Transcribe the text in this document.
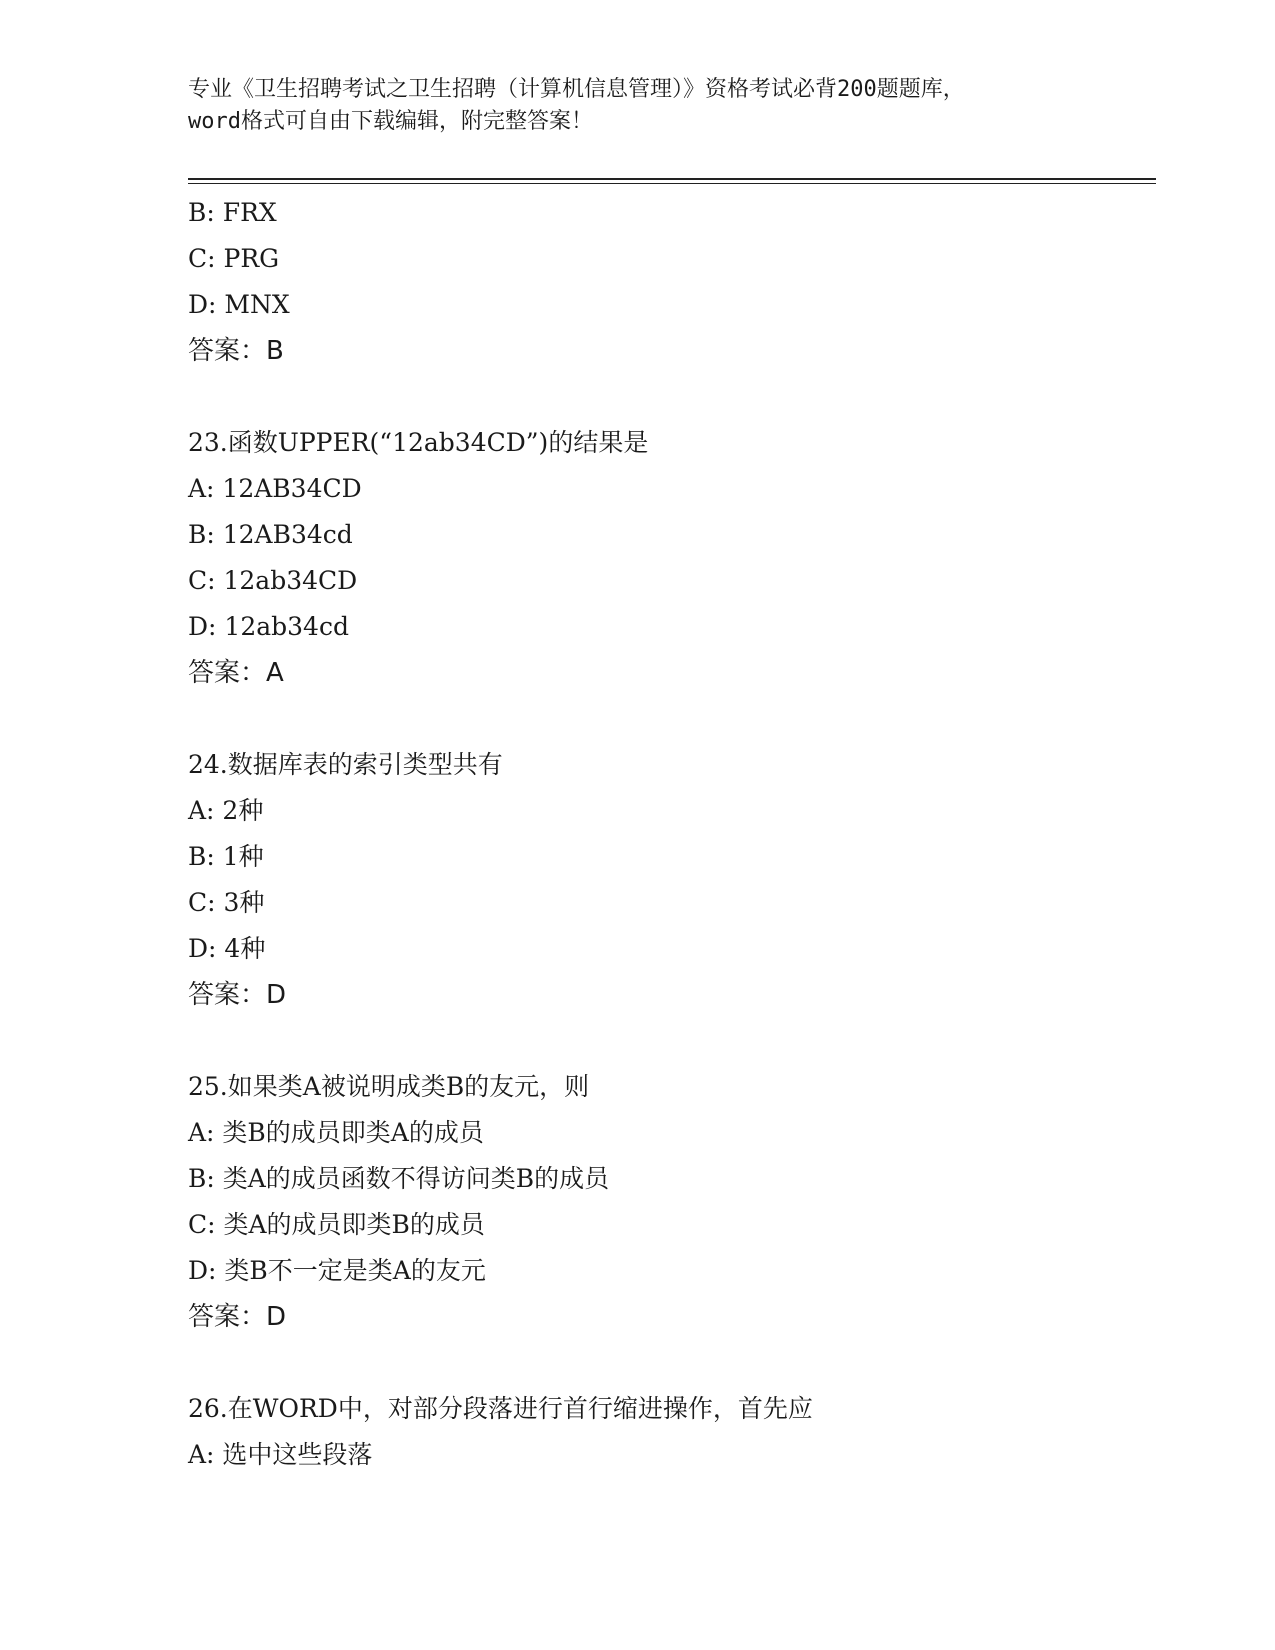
专业《卫生招聘考试之卫生招聘（计算机信息管理）》资格考试必背200题题库，
word格式可自由下载编辑，附完整答案！
B: FRX
C: PRG
D: MNX
答案：B
23.函数UPPER(“12ab34CD”)的结果是
A: 12AB34CD
B: 12AB34cd
C: 12ab34CD
D: 12ab34cd
答案：A
24.数据库表的索引类型共有
A: 2种
B: 1种
C: 3种
D: 4种
答案：D
25.如果类A被说明成类B的友元，则
A: 类B的成员即类A的成员
B: 类A的成员函数不得访问类B的成员
C: 类A的成员即类B的成员
D: 类B不一定是类A的友元
答案：D
26.在WORD中，对部分段落进行首行缩进操作，首先应
A: 选中这些段落
